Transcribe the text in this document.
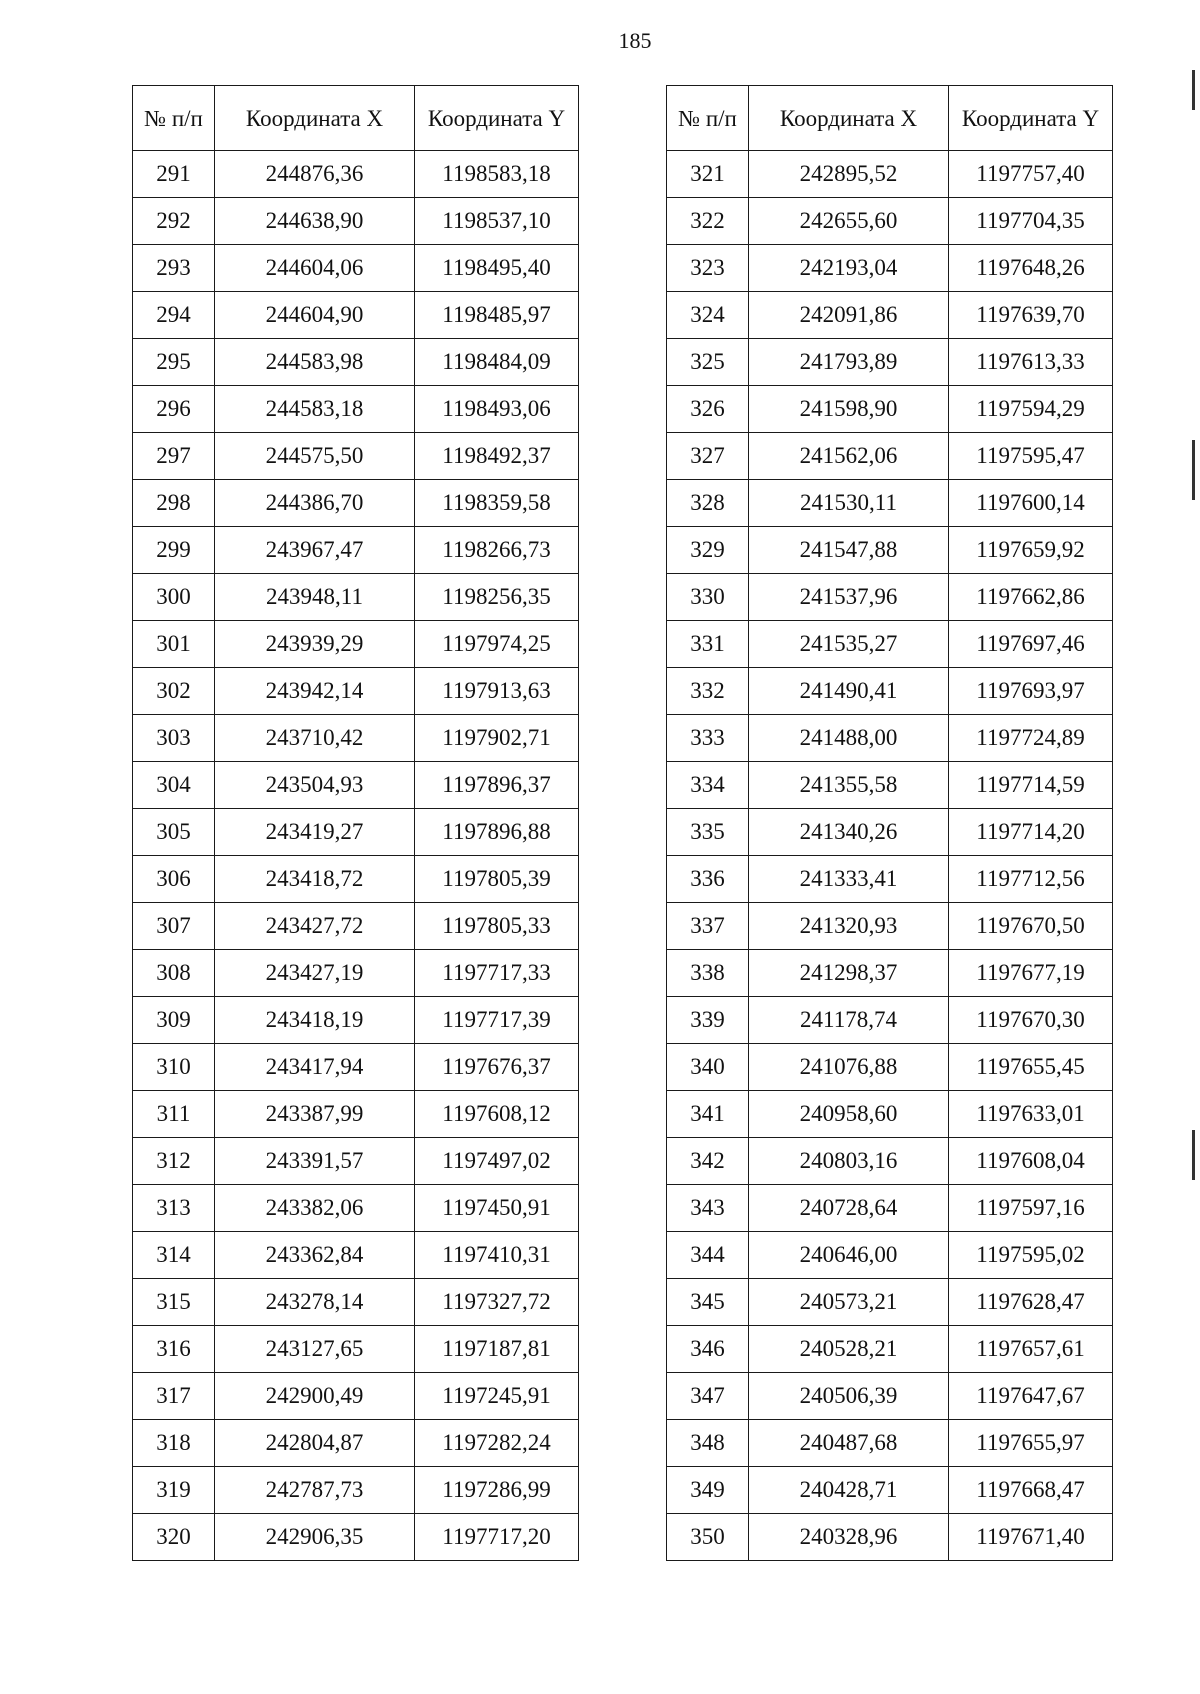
185
№ п/п	Координата X	Координата Y
291	244876,36	1198583,18
292	244638,90	1198537,10
293	244604,06	1198495,40
294	244604,90	1198485,97
295	244583,98	1198484,09
296	244583,18	1198493,06
297	244575,50	1198492,37
298	244386,70	1198359,58
299	243967,47	1198266,73
300	243948,11	1198256,35
301	243939,29	1197974,25
302	243942,14	1197913,63
303	243710,42	1197902,71
304	243504,93	1197896,37
305	243419,27	1197896,88
306	243418,72	1197805,39
307	243427,72	1197805,33
308	243427,19	1197717,33
309	243418,19	1197717,39
310	243417,94	1197676,37
311	243387,99	1197608,12
312	243391,57	1197497,02
313	243382,06	1197450,91
314	243362,84	1197410,31
315	243278,14	1197327,72
316	243127,65	1197187,81
317	242900,49	1197245,91
318	242804,87	1197282,24
319	242787,73	1197286,99
320	242906,35	1197717,20
№ п/п	Координата X	Координата Y
321	242895,52	1197757,40
322	242655,60	1197704,35
323	242193,04	1197648,26
324	242091,86	1197639,70
325	241793,89	1197613,33
326	241598,90	1197594,29
327	241562,06	1197595,47
328	241530,11	1197600,14
329	241547,88	1197659,92
330	241537,96	1197662,86
331	241535,27	1197697,46
332	241490,41	1197693,97
333	241488,00	1197724,89
334	241355,58	1197714,59
335	241340,26	1197714,20
336	241333,41	1197712,56
337	241320,93	1197670,50
338	241298,37	1197677,19
339	241178,74	1197670,30
340	241076,88	1197655,45
341	240958,60	1197633,01
342	240803,16	1197608,04
343	240728,64	1197597,16
344	240646,00	1197595,02
345	240573,21	1197628,47
346	240528,21	1197657,61
347	240506,39	1197647,67
348	240487,68	1197655,97
349	240428,71	1197668,47
350	240328,96	1197671,40
